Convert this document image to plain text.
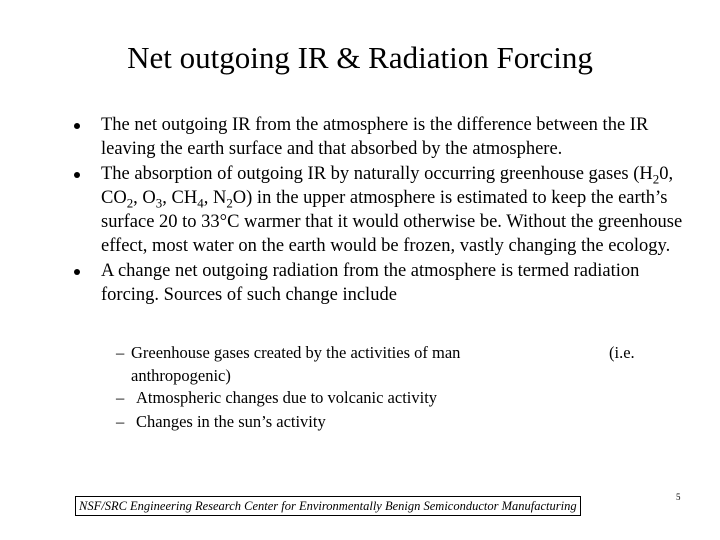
Net outgoing IR & Radiation Forcing
The net outgoing IR from the atmosphere is the difference between the IR leaving the earth surface and that absorbed by the atmosphere.
The absorption of outgoing IR by naturally occurring greenhouse gases ($H_20$, $CO_2$, $O_3$, $CH_4$, $N_2O$) in the upper atmosphere is estimated to keep the earth’s surface 20 to 33°C warmer that it would otherwise be. Without the greenhouse effect, most water on the earth would be frozen, vastly changing the ecology.
A change net outgoing radiation from the atmosphere is termed radiation forcing. Sources of such change include
– Greenhouse gases created by the activities of man	(i.e.
anthropogenic)
– Atmospheric changes due to volcanic activity
– Changes in the sun’s activity
NSF/SRC Engineering Research Center for Environmentally Benign Semiconductor Manufacturing
5
